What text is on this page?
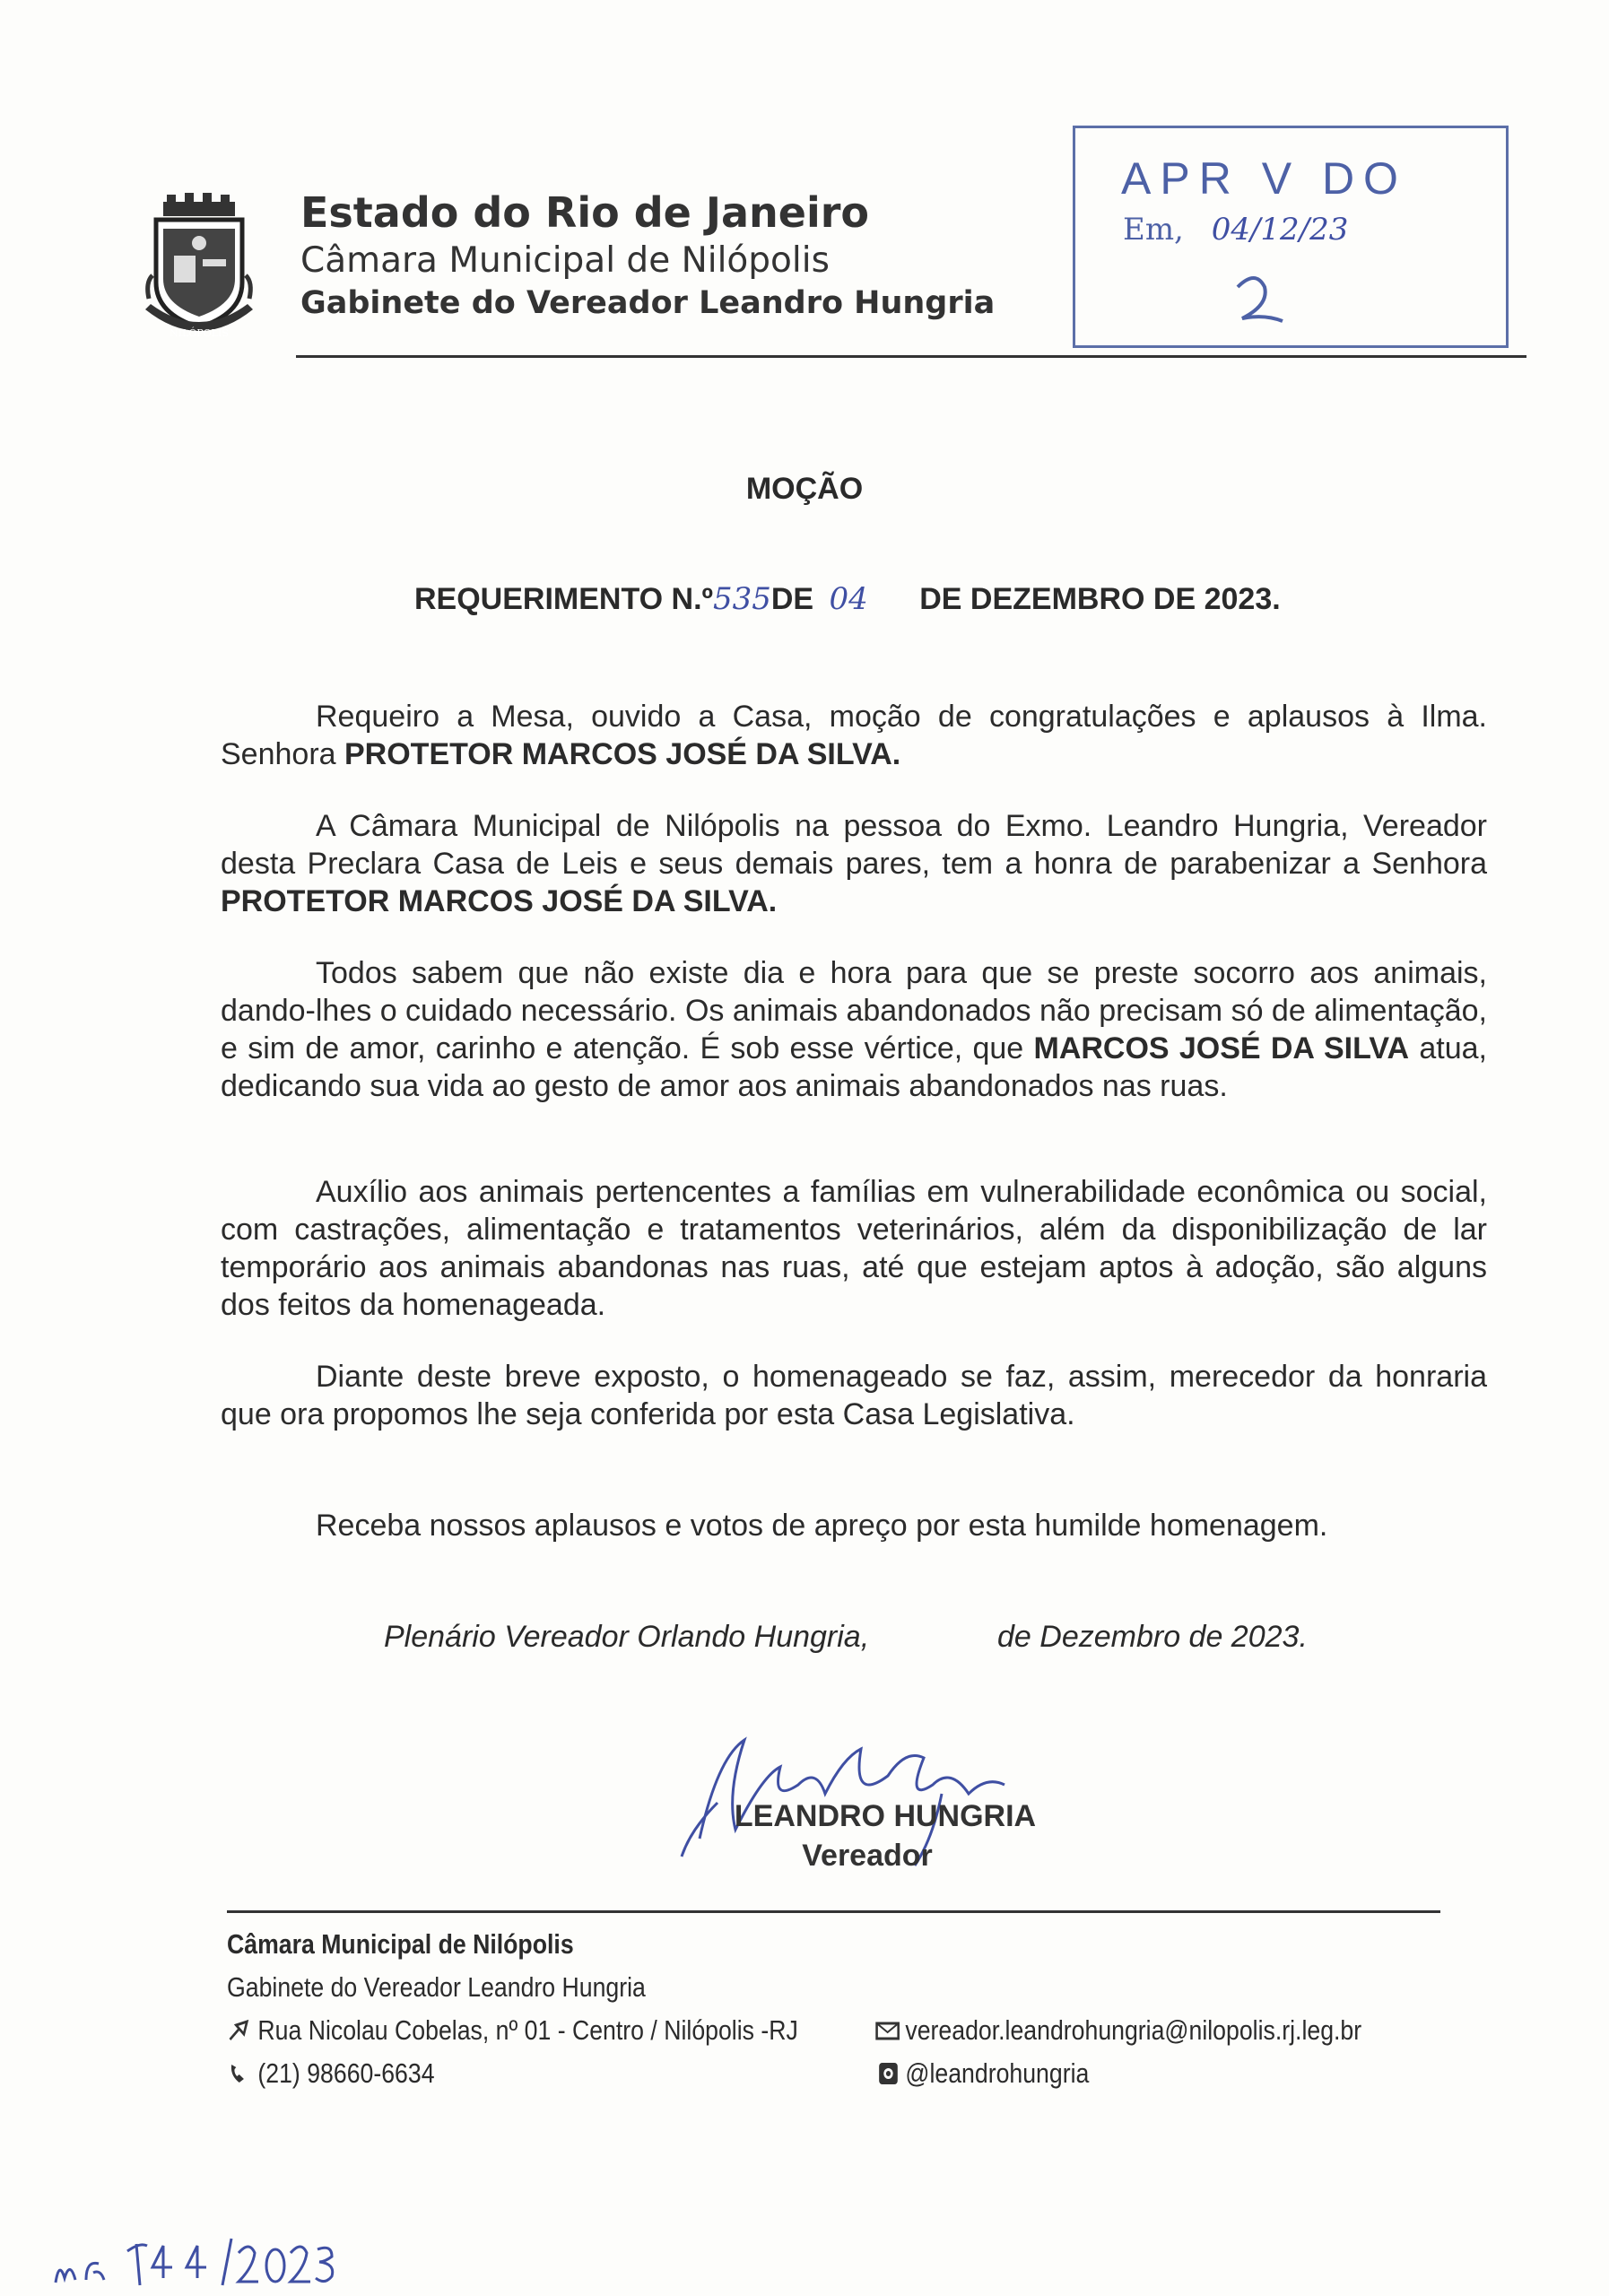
NILÓPOLIS
Estado do Rio de Janeiro
Câmara Municipal de Nilópolis
Gabinete do Vereador Leandro Hungria
APR V DO
Em, 04/12/23
MOÇÃO
REQUERIMENTO N.º535DE 04 DE DEZEMBRO DE 2023.
Requeiro a Mesa, ouvido a Casa, moção de congratulações e aplausos à Ilma. Senhora PROTETOR MARCOS JOSÉ DA SILVA.
A Câmara Municipal de Nilópolis na pessoa do Exmo. Leandro Hungria, Vereador desta Preclara Casa de Leis e seus demais pares, tem a honra de parabenizar a Senhora PROTETOR MARCOS JOSÉ DA SILVA.
Todos sabem que não existe dia e hora para que se preste socorro aos animais, dando-lhes o cuidado necessário. Os animais abandonados não precisam só de alimentação, e sim de amor, carinho e atenção. É sob esse vértice, que MARCOS JOSÉ DA SILVA atua, dedicando sua vida ao gesto de amor aos animais abandonados nas ruas.
Auxílio aos animais pertencentes a famílias em vulnerabilidade econômica ou social, com castrações, alimentação e tratamentos veterinários, além da disponibilização de lar temporário aos animais abandonas nas ruas, até que estejam aptos à adoção, são alguns dos feitos da homenageada.
Diante deste breve exposto, o homenageado se faz, assim, merecedor da honraria que ora propomos lhe seja conferida por esta Casa Legislativa.
Receba nossos aplausos e votos de apreço por esta humilde homenagem.
Plenário Vereador Orlando Hungria,	de Dezembro de 2023.
LEANDRO HUNGRIA
Vereador
Câmara Municipal de Nilópolis
Gabinete do Vereador Leandro Hungria
Rua Nicolau Cobelas, nº 01 - Centro / Nilópolis -RJ
(21) 98660-6634
vereador.leandrohungria@nilopolis.rj.leg.br
@leandrohungria
